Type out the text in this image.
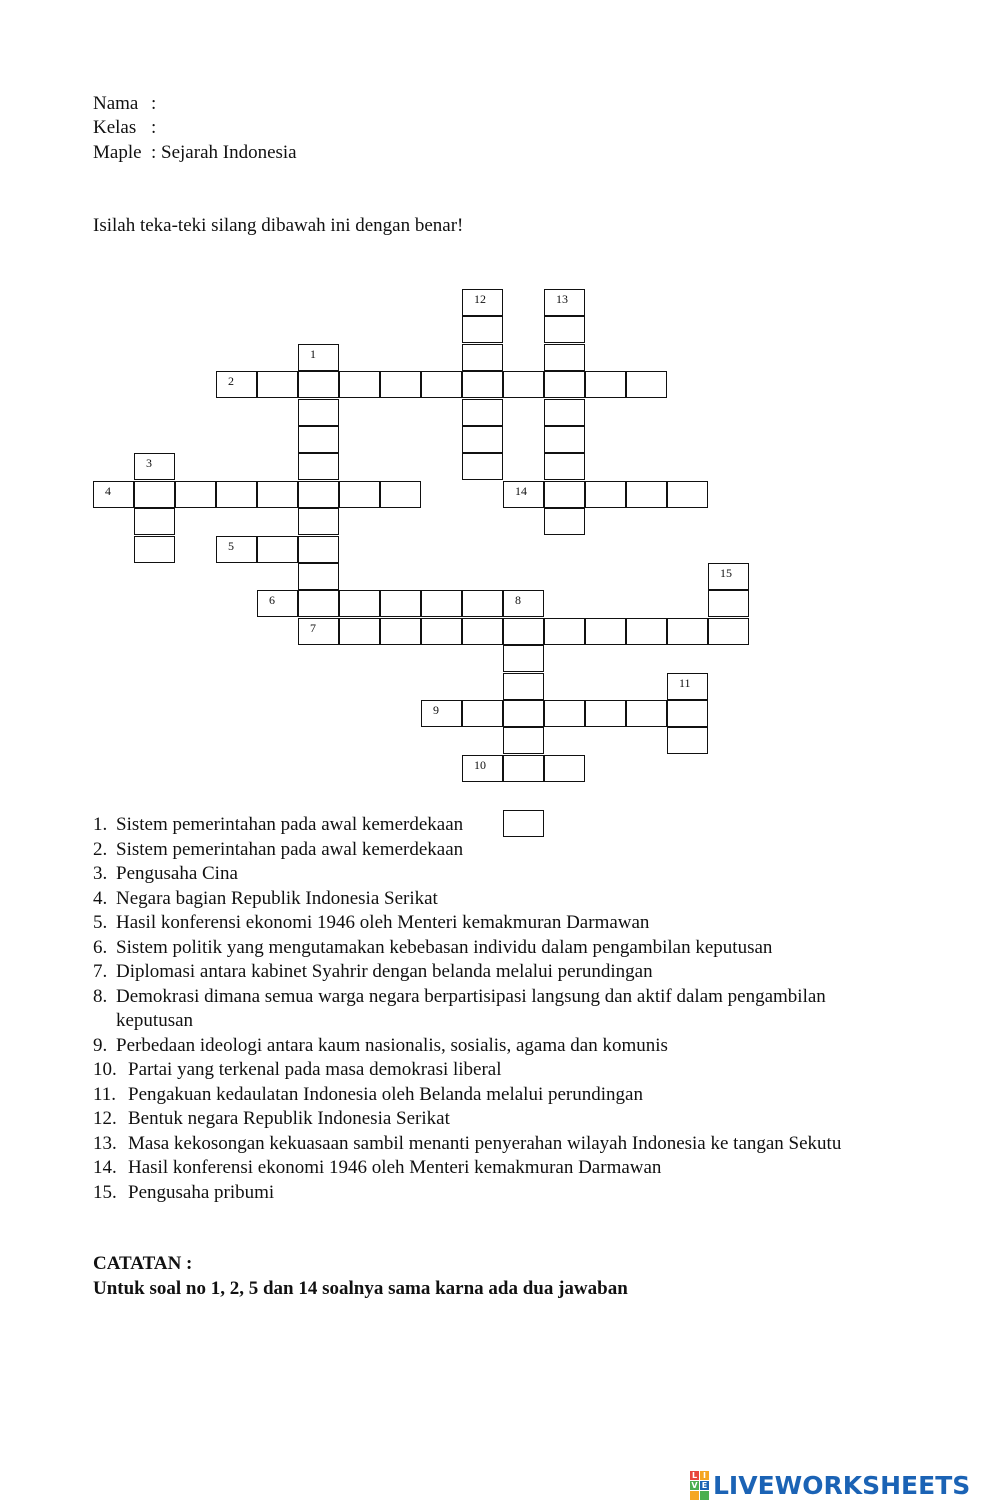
Nama :
Kelas :
Maple : Sejarah Indonesia
Isilah teka-teki silang dibawah ini dengan benar!
12	13
1
2
3
4	14
5
15
6	8
7
11
9
10
1. Sistem pemerintahan pada awal kemerdekaan
2. Sistem pemerintahan pada awal kemerdekaan
3. Pengusaha Cina
4. Negara bagian Republik Indonesia Serikat
5. Hasil konferensi ekonomi 1946 oleh Menteri kemakmuran Darmawan
6. Sistem politik yang mengutamakan kebebasan individu dalam pengambilan keputusan
7. Diplomasi antara kabinet Syahrir dengan belanda melalui perundingan
8. Demokrasi dimana semua warga negara berpartisipasi langsung dan aktif dalam pengambilan keputusan
9. Perbedaan ideologi antara kaum nasionalis, sosialis, agama dan komunis
10. Partai yang terkenal pada masa demokrasi liberal
11. Pengakuan kedaulatan Indonesia oleh Belanda melalui perundingan
12. Bentuk negara Republik Indonesia Serikat
13. Masa kekosongan kekuasaan sambil menanti penyerahan wilayah Indonesia ke tangan Sekutu
14. Hasil konferensi ekonomi 1946 oleh Menteri kemakmuran Darmawan
15. Pengusaha pribumi
CATATAN :
Untuk soal no 1, 2, 5 dan 14 soalnya sama karna ada dua jawaban
L I
V E LIVEWORKSHEETS
